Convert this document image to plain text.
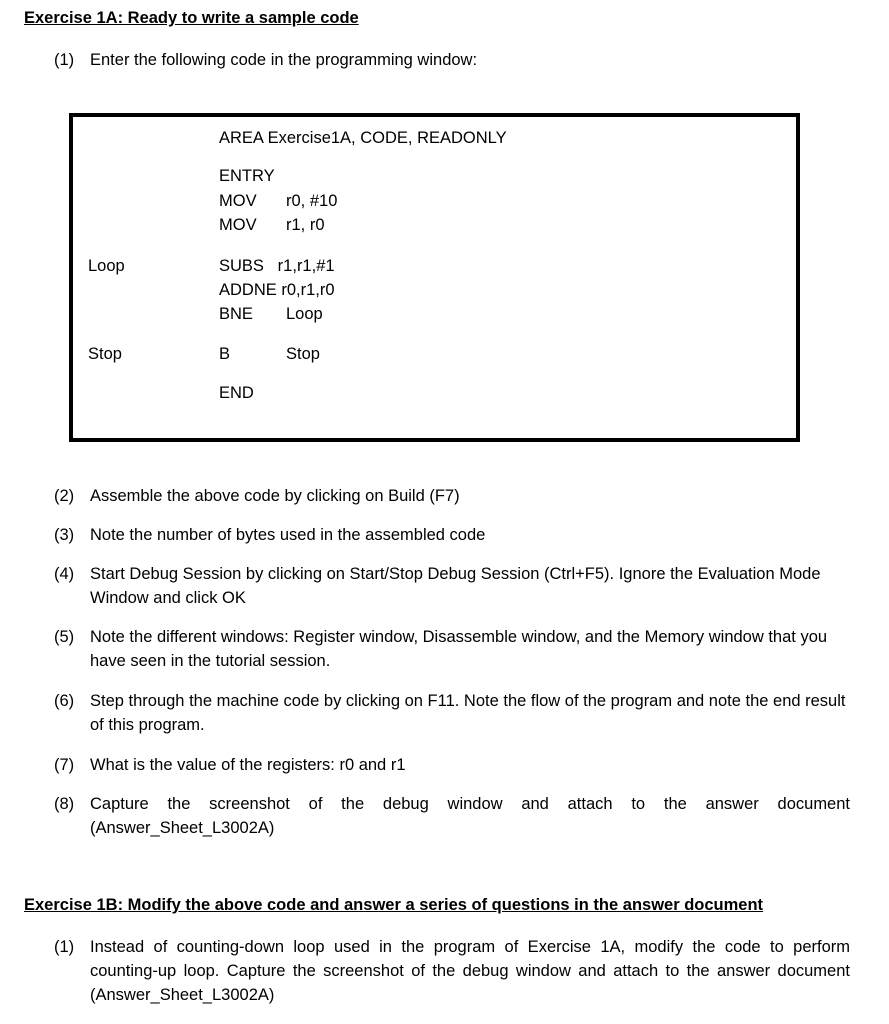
Exercise 1A: Ready to write a sample code
(1) Enter the following code in the programming window:
AREA Exercise1A, CODE, READONLY
ENTRY
MOV r0, #10
MOV r1, r0
Loop	SUBS   r1,r1,#1
ADDNE r0,r1,r0
BNE Loop
Stop	B	Stop
END
(2) Assemble the above code by clicking on Build (F7)
(3) Note the number of bytes used in the assembled code
(4) Start Debug Session by clicking on Start/Stop Debug Session (Ctrl+F5). Ignore the Evaluation Mode Window and click OK
(5) Note the different windows: Register window, Disassemble window, and the Memory window that you have seen in the tutorial session.
(6) Step through the machine code by clicking on F11. Note the flow of the program and note the end result of this program.
(7) What is the value of the registers: r0 and r1
(8) Capture the screenshot of the debug window and attach to the answer document (Answer_Sheet_L3002A)
Exercise 1B: Modify the above code and answer a series of questions in the answer document
(1) Instead of counting-down loop used in the program of Exercise 1A, modify the code to perform counting-up loop. Capture the screenshot of the debug window and attach to the answer document (Answer_Sheet_L3002A)
